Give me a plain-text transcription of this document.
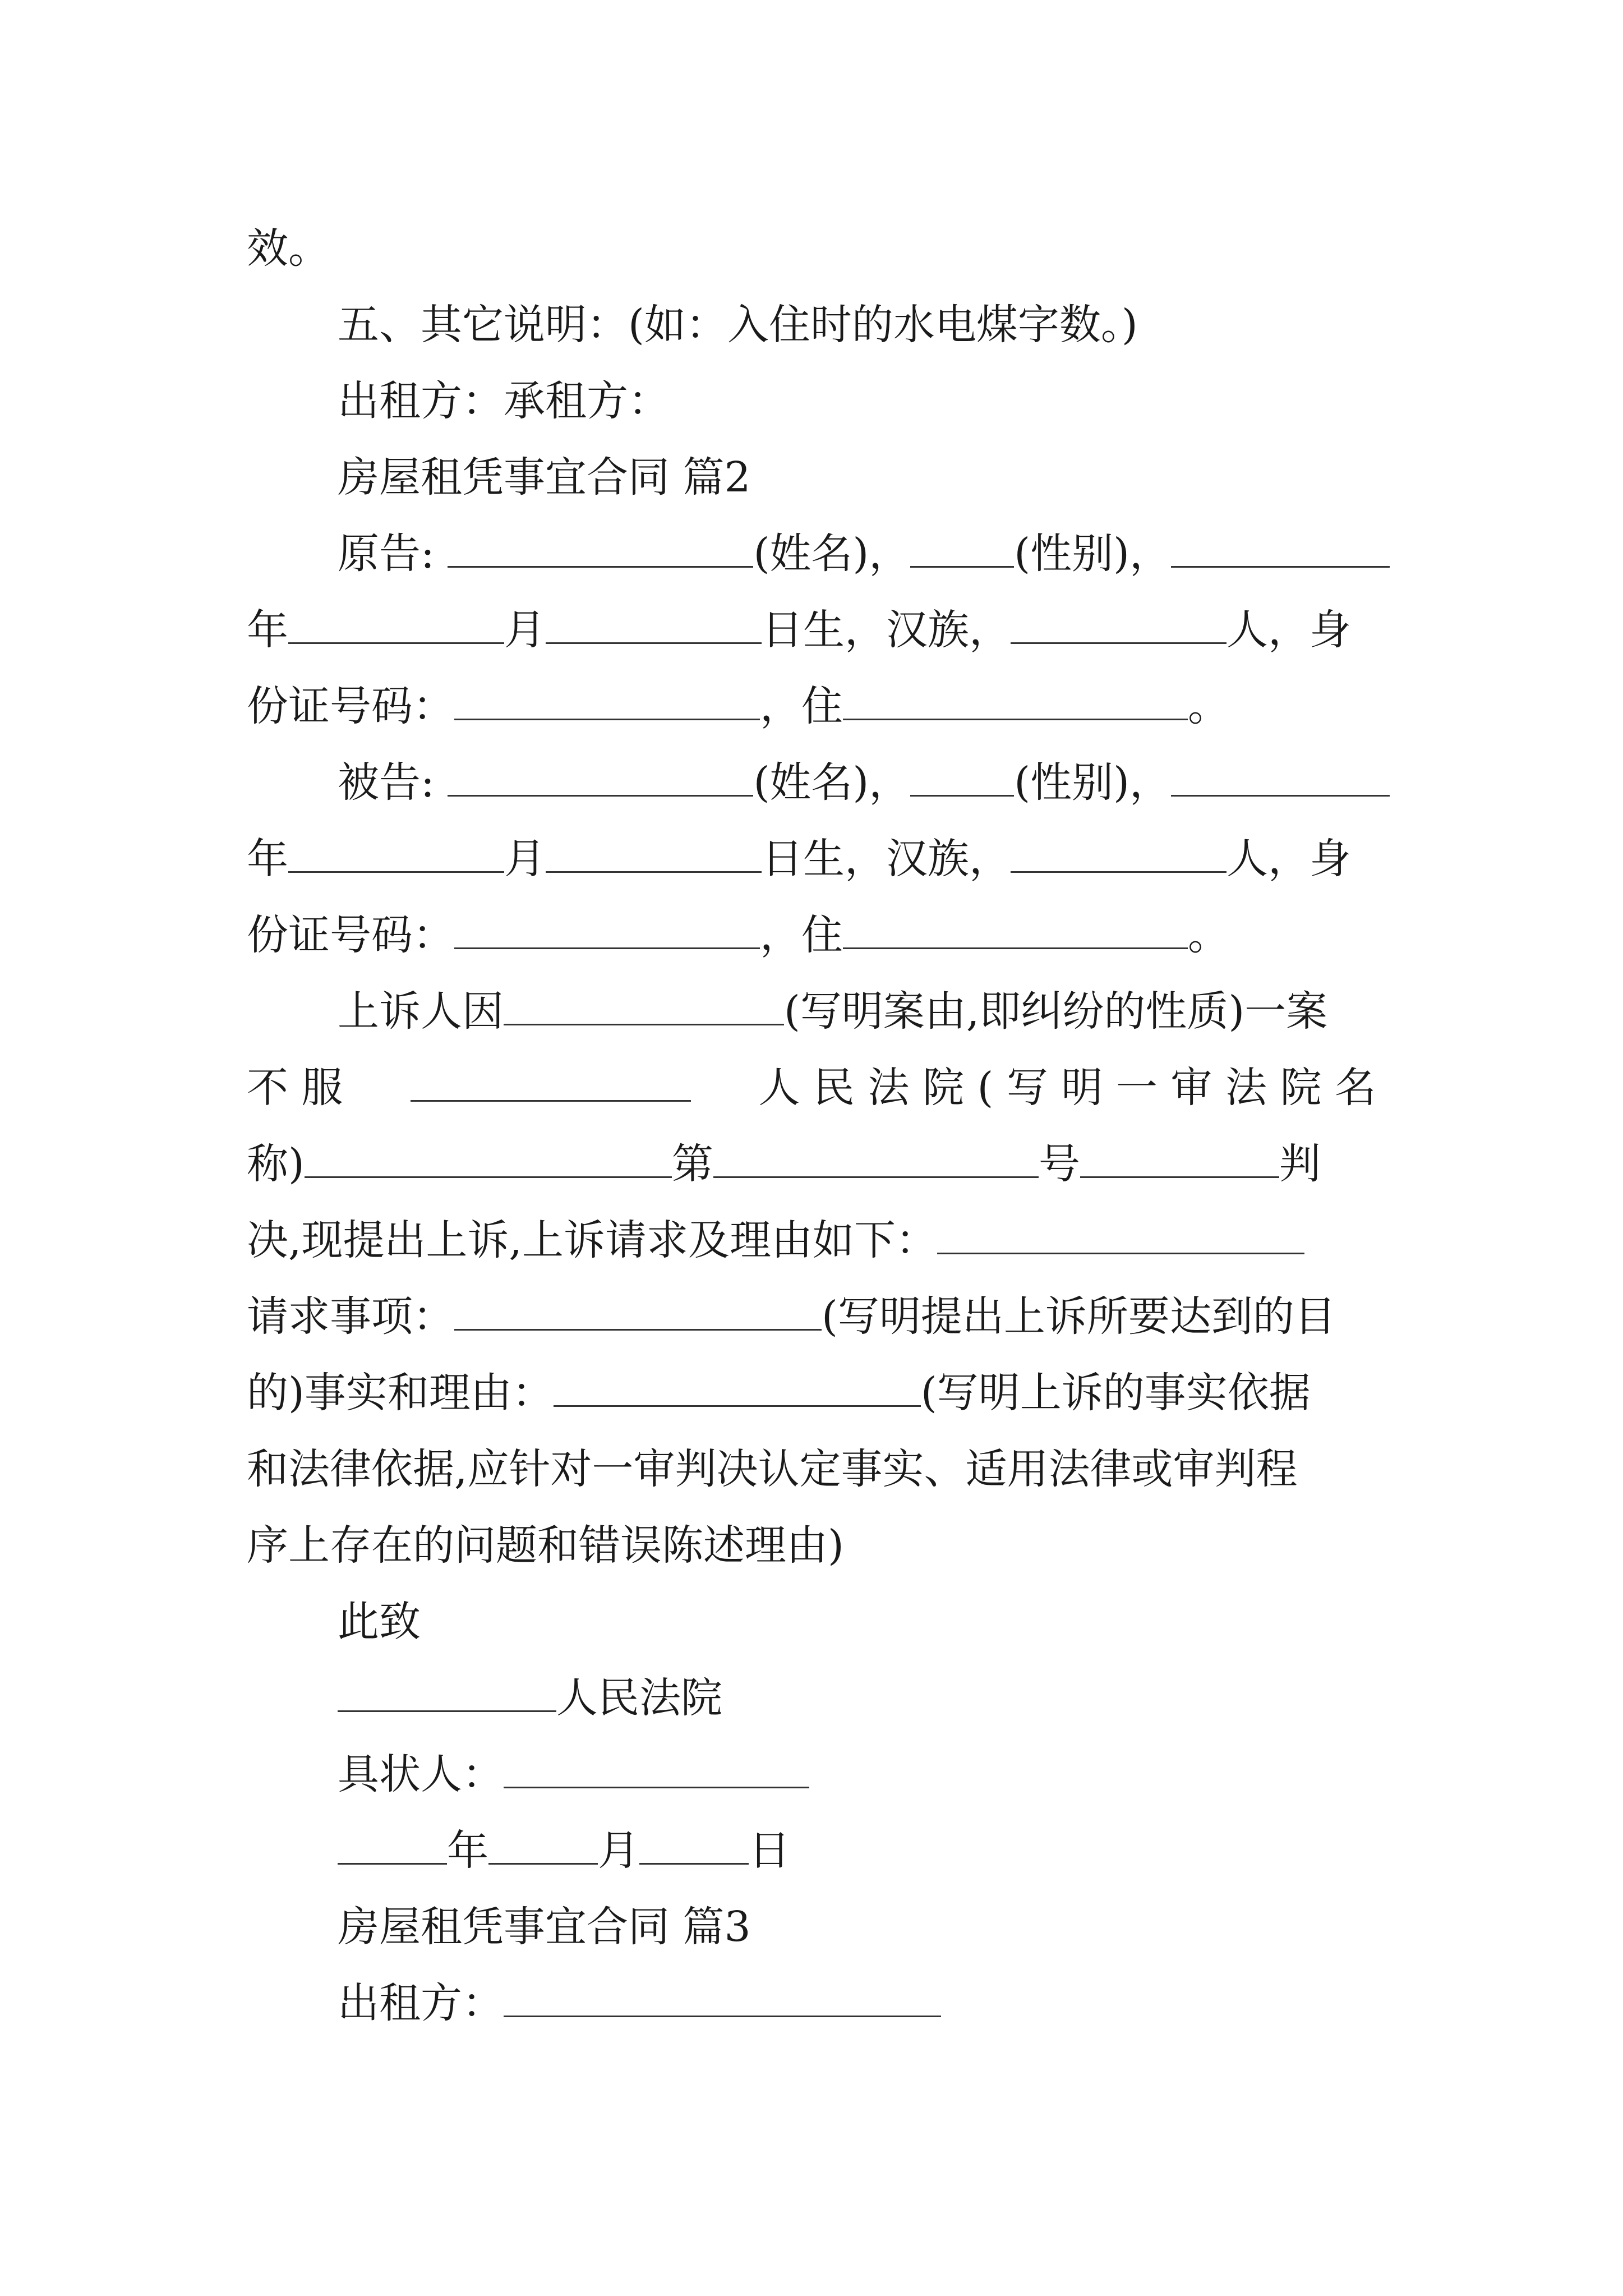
效。
五、其它说明：(如：入住时的水电煤字数。)
出租方：承租方：
房屋租凭事宜合同 篇2
原告:	(姓名)，	(性别)，
年	月	日生，汉族，	人，身
份证号码：	，住	。
被告:	(姓名)，	(性别)，
年	月	日生，汉族，	人，身
份证号码：	，住	。
上诉人因	(写明案由,即纠纷的性质)一案
不 服	人 民 法 院 ( 写 明 一 审 法 院 名
称)	第	号	判
决,现提出上诉,上诉请求及理由如下：
请求事项：	(写明提出上诉所要达到的目
的)事实和理由：	(写明上诉的事实依据
和法律依据,应针对一审判决认定事实、适用法律或审判程
序上存在的问题和错误陈述理由)
此致
人民法院
具状人：
年	月	日
房屋租凭事宜合同 篇3
出租方：
